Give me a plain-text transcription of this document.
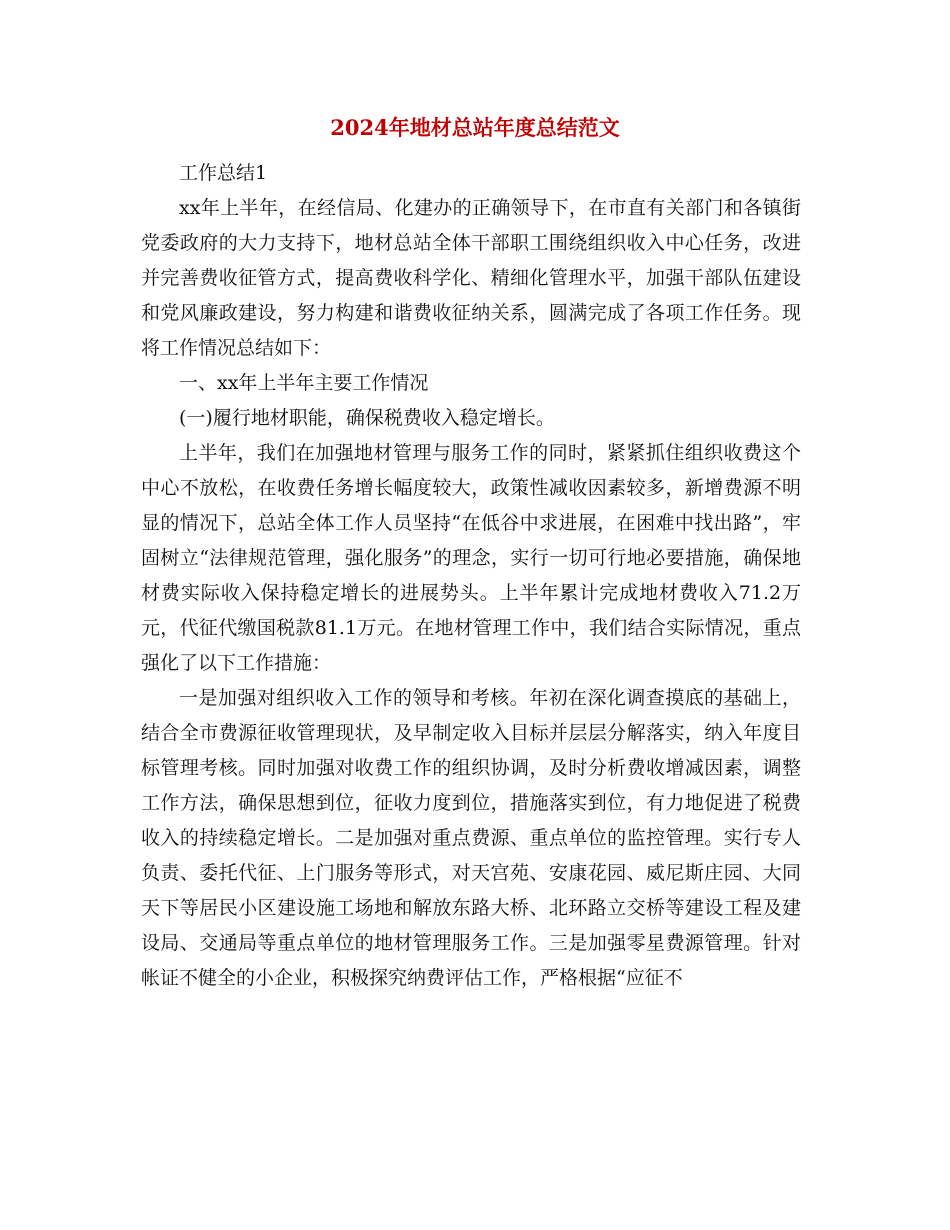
2024年地材总站年度总结范文

工作总结1

xx年上半年，在经信局、化建办的正确领导下，在市直有关部门和各镇街党委政府的大力支持下，地材总站全体干部职工围绕组织收入中心任务，改进并完善费收征管方式，提高费收科学化、精细化管理水平，加强干部队伍建设和党风廉政建设，努力构建和谐费收征纳关系，圆满完成了各项工作任务。现将工作情况总结如下：

一、xx年上半年主要工作情况

(一)履行地材职能，确保税费收入稳定增长。

上半年，我们在加强地材管理与服务工作的同时，紧紧抓住组织收费这个中心不放松，在收费任务增长幅度较大，政策性减收因素较多，新增费源不明显的情况下，总站全体工作人员坚持“在低谷中求进展，在困难中找出路”，牢固树立“法律规范管理，强化服务”的理念，实行一切可行地必要措施，确保地材费实际收入保持稳定增长的进展势头。上半年累计完成地材费收入71.2万元，代征代缴国税款81.1万元。在地材管理工作中，我们结合实际情况，重点强化了以下工作措施：

一是加强对组织收入工作的领导和考核。年初在深化调查摸底的基础上，结合全市费源征收管理现状，及早制定收入目标并层层分解落实，纳入年度目标管理考核。同时加强对收费工作的组织协调，及时分析费收增减因素，调整工作方法，确保思想到位，征收力度到位，措施落实到位，有力地促进了税费收入的持续稳定增长。二是加强对重点费源、重点单位的监控管理。实行专人负责、委托代征、上门服务等形式，对天宫苑、安康花园、威尼斯庄园、大同天下等居民小区建设施工场地和解放东路大桥、北环路立交桥等建设工程及建设局、交通局等重点单位的地材管理服务工作。三是加强零星费源管理。针对帐证不健全的小企业，积极探究纳费评估工作，严格根据“应征不
